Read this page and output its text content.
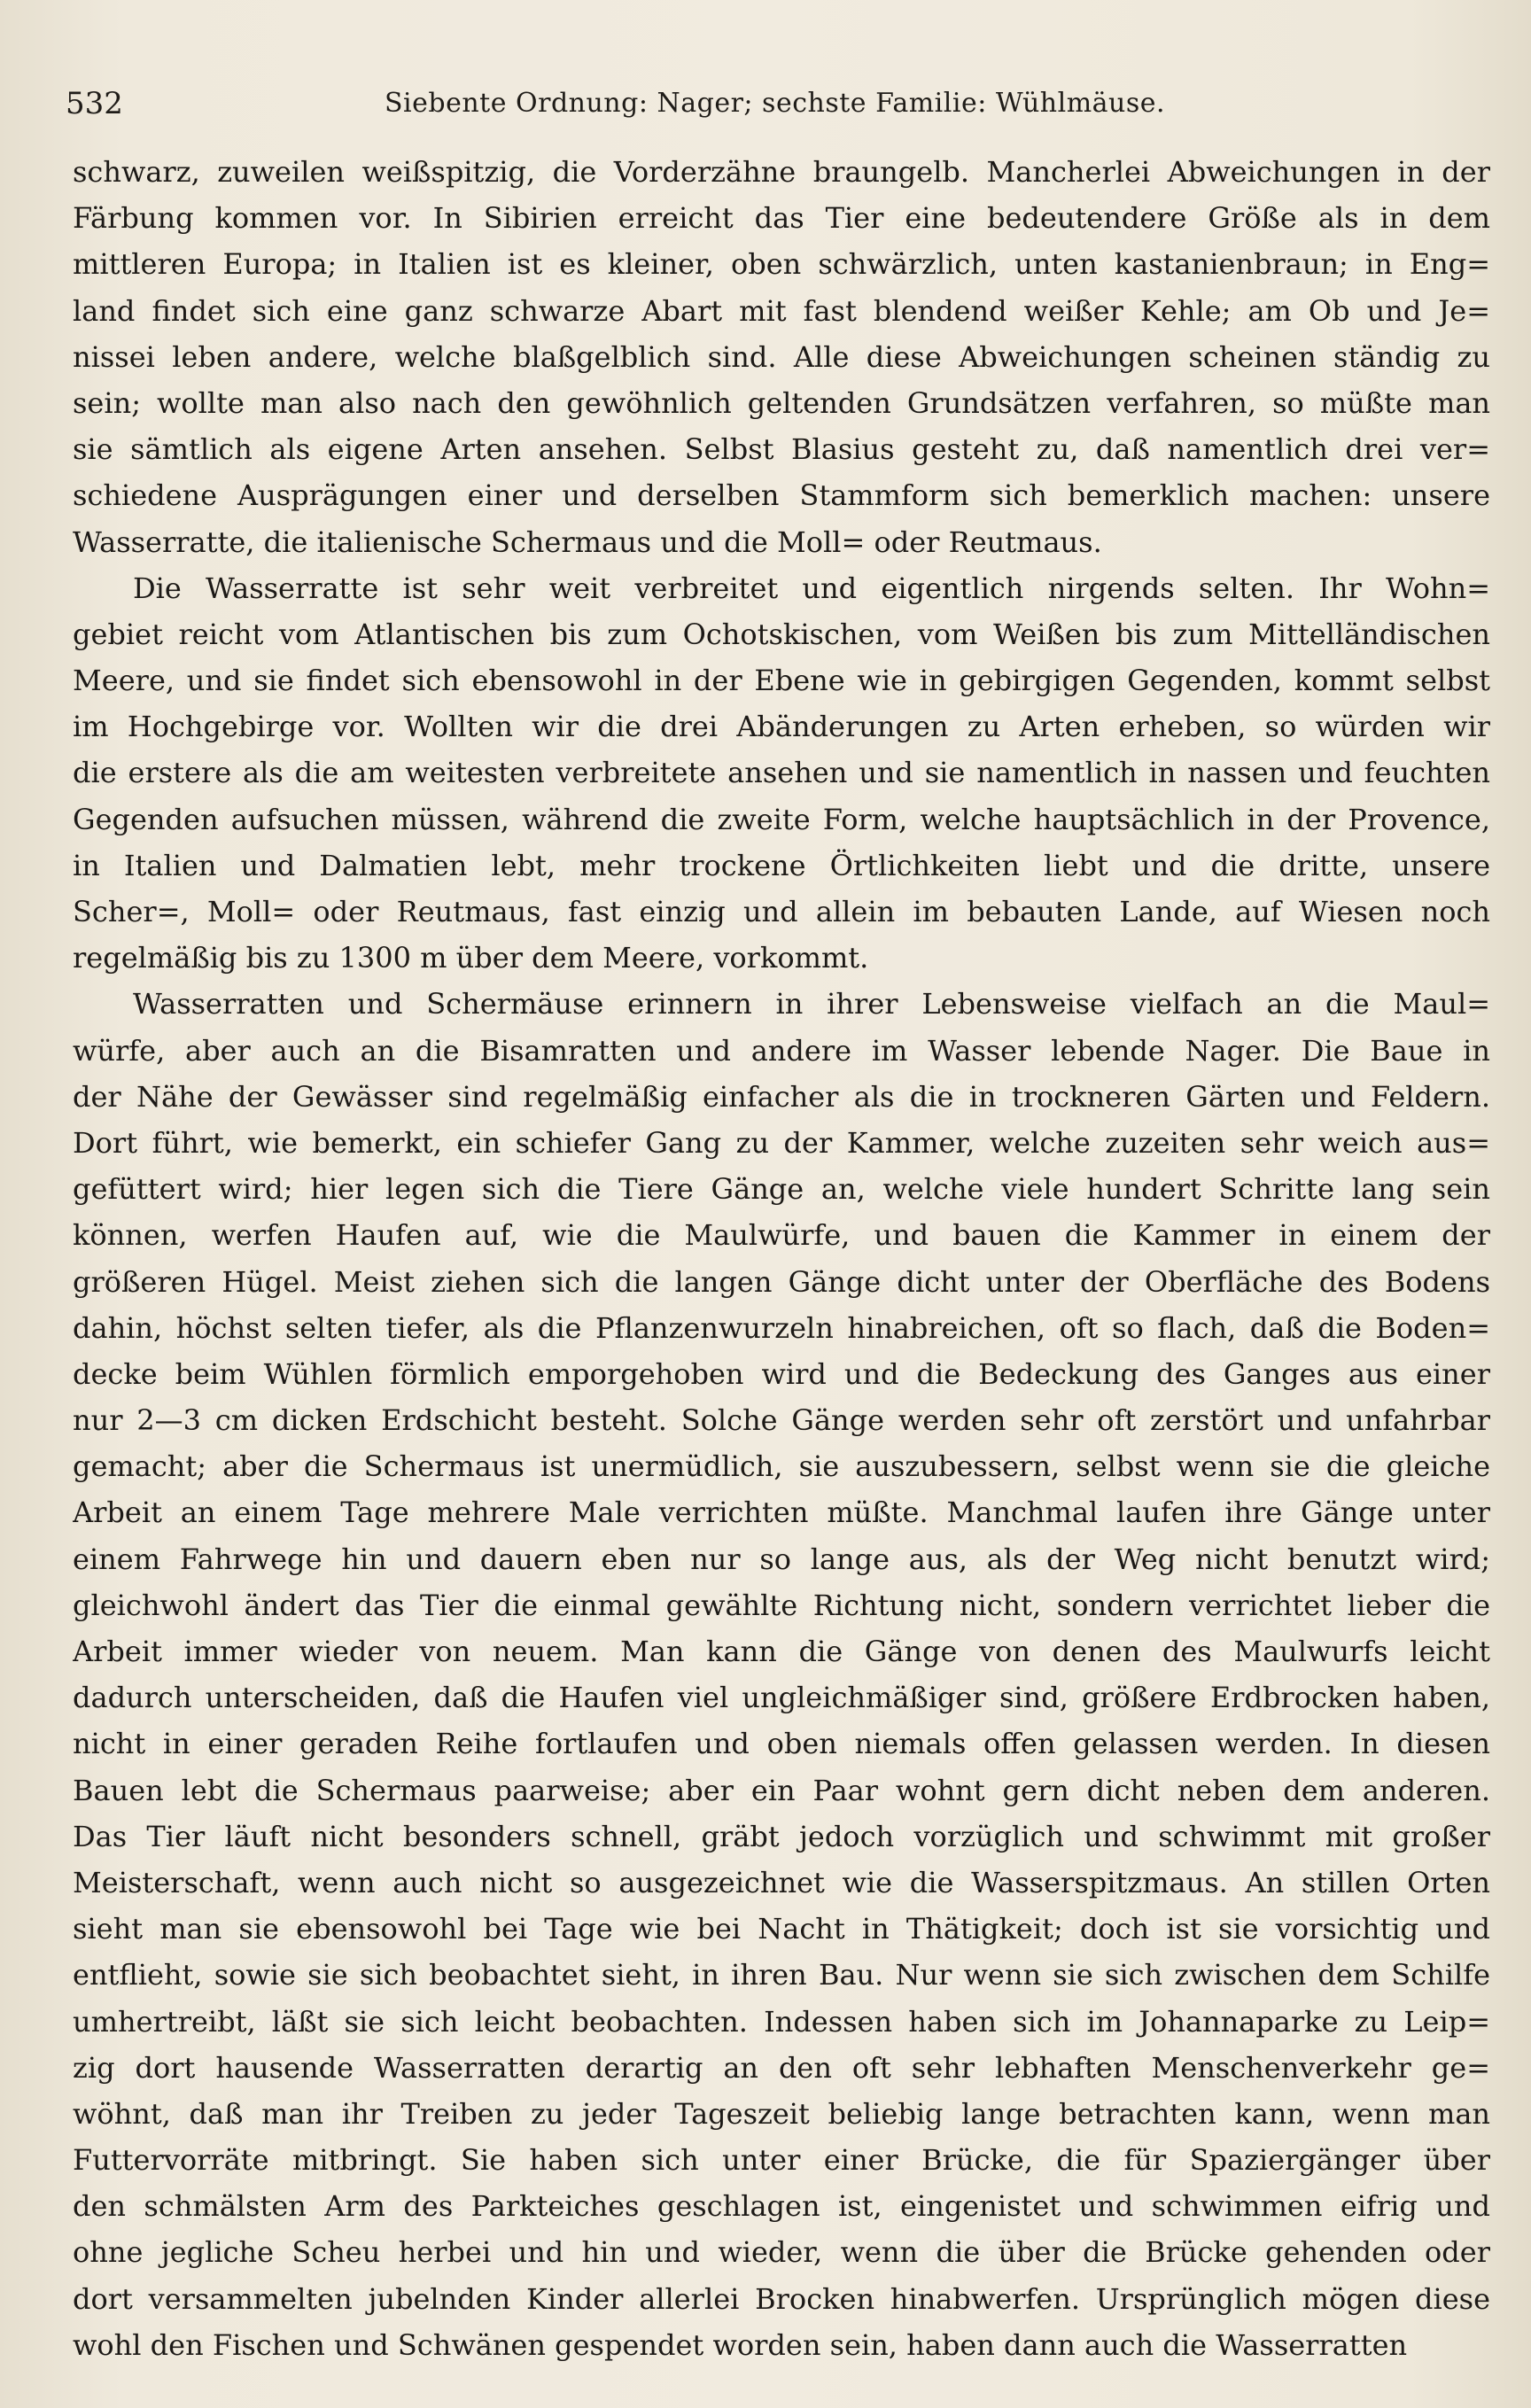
532	Siebente Ordnung: Nager; sechste Familie: Wühlmäuse.
schwarz, zuweilen weißspitzig, die Vorderzähne braungelb. Mancherlei Abweichungen in der
Färbung kommen vor. In Sibirien erreicht das Tier eine bedeutendere Größe als in dem
mittleren Europa; in Italien ist es kleiner, oben schwärzlich, unten kastanienbraun; in Eng=
land findet sich eine ganz schwarze Abart mit fast blendend weißer Kehle; am Ob und Je=
nissei leben andere, welche blaßgelblich sind. Alle diese Abweichungen scheinen ständig zu
sein; wollte man also nach den gewöhnlich geltenden Grundsätzen verfahren, so müßte man
sie sämtlich als eigene Arten ansehen. Selbst Blasius gesteht zu, daß namentlich drei ver=
schiedene Ausprägungen einer und derselben Stammform sich bemerklich machen: unsere
Wasserratte, die italienische Schermaus und die Moll= oder Reutmaus.
Die Wasserratte ist sehr weit verbreitet und eigentlich nirgends selten. Ihr Wohn=
gebiet reicht vom Atlantischen bis zum Ochotskischen, vom Weißen bis zum Mittelländischen
Meere, und sie findet sich ebensowohl in der Ebene wie in gebirgigen Gegenden, kommt selbst
im Hochgebirge vor. Wollten wir die drei Abänderungen zu Arten erheben, so würden wir
die erstere als die am weitesten verbreitete ansehen und sie namentlich in nassen und feuchten
Gegenden aufsuchen müssen, während die zweite Form, welche hauptsächlich in der Provence,
in Italien und Dalmatien lebt, mehr trockene Örtlichkeiten liebt und die dritte, unsere
Scher=, Moll= oder Reutmaus, fast einzig und allein im bebauten Lande, auf Wiesen noch
regelmäßig bis zu 1300 m über dem Meere, vorkommt.
Wasserratten und Schermäuse erinnern in ihrer Lebensweise vielfach an die Maul=
würfe, aber auch an die Bisamratten und andere im Wasser lebende Nager. Die Baue in
der Nähe der Gewässer sind regelmäßig einfacher als die in trockneren Gärten und Feldern.
Dort führt, wie bemerkt, ein schiefer Gang zu der Kammer, welche zuzeiten sehr weich aus=
gefüttert wird; hier legen sich die Tiere Gänge an, welche viele hundert Schritte lang sein
können, werfen Haufen auf, wie die Maulwürfe, und bauen die Kammer in einem der
größeren Hügel. Meist ziehen sich die langen Gänge dicht unter der Oberfläche des Bodens
dahin, höchst selten tiefer, als die Pflanzenwurzeln hinabreichen, oft so flach, daß die Boden=
decke beim Wühlen förmlich emporgehoben wird und die Bedeckung des Ganges aus einer
nur 2—3 cm dicken Erdschicht besteht. Solche Gänge werden sehr oft zerstört und unfahrbar
gemacht; aber die Schermaus ist unermüdlich, sie auszubessern, selbst wenn sie die gleiche
Arbeit an einem Tage mehrere Male verrichten müßte. Manchmal laufen ihre Gänge unter
einem Fahrwege hin und dauern eben nur so lange aus, als der Weg nicht benutzt wird;
gleichwohl ändert das Tier die einmal gewählte Richtung nicht, sondern verrichtet lieber die
Arbeit immer wieder von neuem. Man kann die Gänge von denen des Maulwurfs leicht
dadurch unterscheiden, daß die Haufen viel ungleichmäßiger sind, größere Erdbrocken haben,
nicht in einer geraden Reihe fortlaufen und oben niemals offen gelassen werden. In diesen
Bauen lebt die Schermaus paarweise; aber ein Paar wohnt gern dicht neben dem anderen.
Das Tier läuft nicht besonders schnell, gräbt jedoch vorzüglich und schwimmt mit großer
Meisterschaft, wenn auch nicht so ausgezeichnet wie die Wasserspitzmaus. An stillen Orten
sieht man sie ebensowohl bei Tage wie bei Nacht in Thätigkeit; doch ist sie vorsichtig und
entflieht, sowie sie sich beobachtet sieht, in ihren Bau. Nur wenn sie sich zwischen dem Schilfe
umhertreibt, läßt sie sich leicht beobachten. Indessen haben sich im Johannaparke zu Leip=
zig dort hausende Wasserratten derartig an den oft sehr lebhaften Menschenverkehr ge=
wöhnt, daß man ihr Treiben zu jeder Tageszeit beliebig lange betrachten kann, wenn man
Futtervorräte mitbringt. Sie haben sich unter einer Brücke, die für Spaziergänger über
den schmälsten Arm des Parkteiches geschlagen ist, eingenistet und schwimmen eifrig und
ohne jegliche Scheu herbei und hin und wieder, wenn die über die Brücke gehenden oder
dort versammelten jubelnden Kinder allerlei Brocken hinabwerfen. Ursprünglich mögen diese
wohl den Fischen und Schwänen gespendet worden sein, haben dann auch die Wasserratten
